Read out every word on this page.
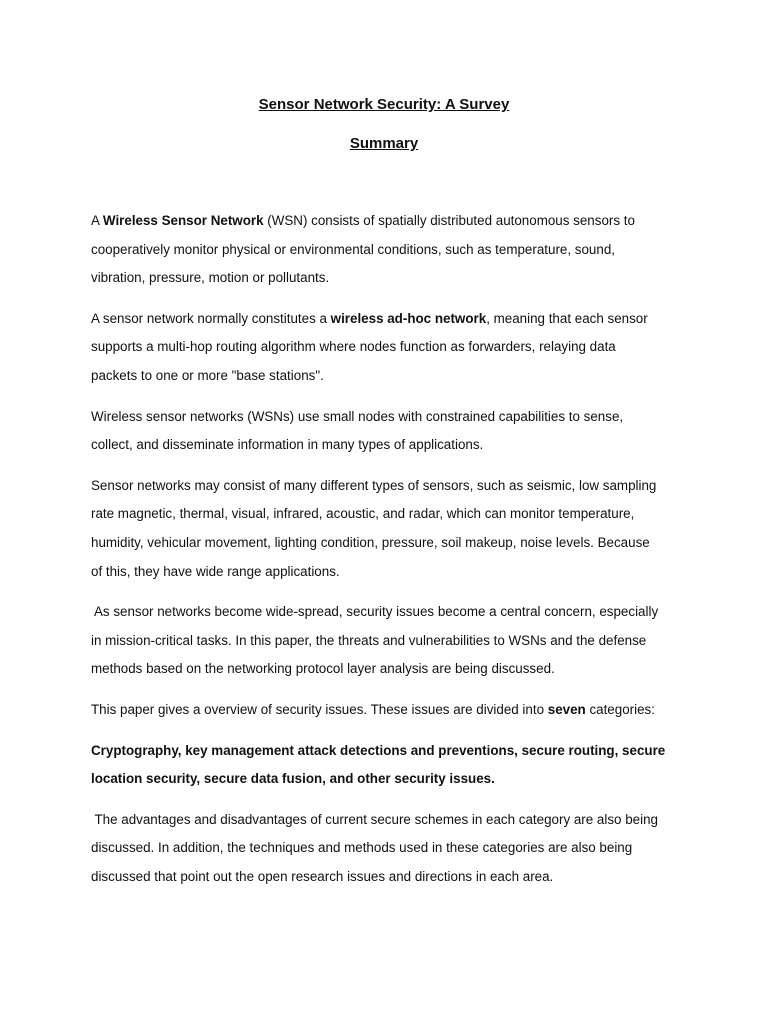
Sensor Network Security: A Survey
Summary

A Wireless Sensor Network (WSN) consists of spatially distributed autonomous sensors to
cooperatively monitor physical or environmental conditions, such as temperature, sound,
vibration, pressure, motion or pollutants.

A sensor network normally constitutes a wireless ad-hoc network, meaning that each sensor
supports a multi-hop routing algorithm where nodes function as forwarders, relaying data
packets to one or more "base stations".

Wireless sensor networks (WSNs) use small nodes with constrained capabilities to sense,
collect, and disseminate information in many types of applications.

Sensor networks may consist of many different types of sensors, such as seismic, low sampling
rate magnetic, thermal, visual, infrared, acoustic, and radar, which can monitor temperature,
humidity, vehicular movement, lighting condition, pressure, soil makeup, noise levels. Because
of this, they have wide range applications.

As sensor networks become wide-spread, security issues become a central concern, especially
in mission-critical tasks. In this paper, the threats and vulnerabilities to WSNs and the defense
methods based on the networking protocol layer analysis are being discussed.

This paper gives a overview of security issues. These issues are divided into seven categories:

Cryptography, key management attack detections and preventions, secure routing, secure
location security, secure data fusion, and other security issues.

The advantages and disadvantages of current secure schemes in each category are also being
discussed. In addition, the techniques and methods used in these categories are also being
discussed that point out the open research issues and directions in each area.
